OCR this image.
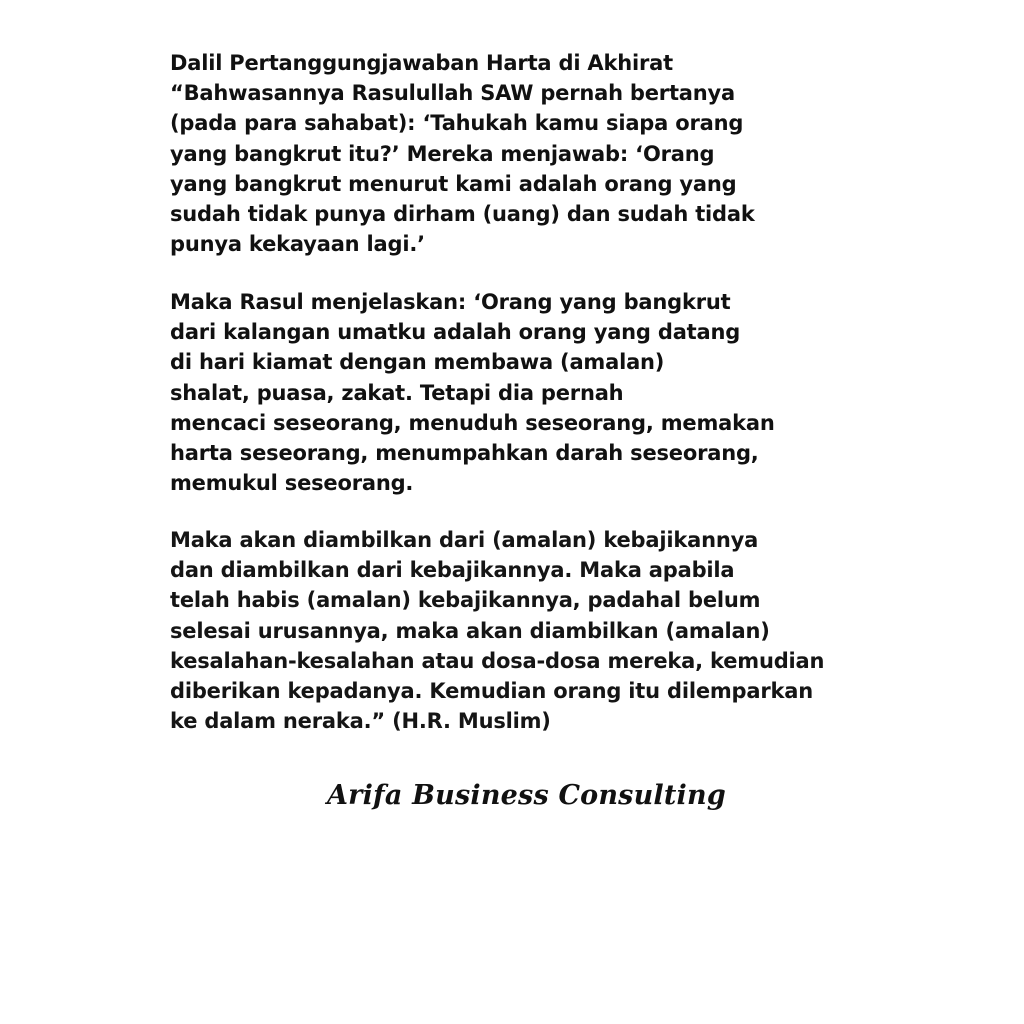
Dalil Pertanggungjawaban Harta di Akhirat
“Bahwasannya Rasulullah SAW pernah bertanya
(pada para sahabat): ‘Tahukah kamu siapa orang
yang bangkrut itu?’ Mereka menjawab: ‘Orang
yang bangkrut menurut kami adalah orang yang
sudah tidak punya dirham (uang) dan sudah tidak
punya kekayaan lagi.’
Maka Rasul menjelaskan: ‘Orang yang bangkrut
dari kalangan umatku adalah orang yang datang
di hari kiamat dengan membawa (amalan)
shalat, puasa, zakat. Tetapi dia pernah
mencaci seseorang, menuduh seseorang, memakan
harta seseorang, menumpahkan darah seseorang,
memukul seseorang.
Maka akan diambilkan dari (amalan) kebajikannya
dan diambilkan dari kebajikannya. Maka apabila
telah habis (amalan) kebajikannya, padahal belum
selesai urusannya, maka akan diambilkan (amalan)
kesalahan-kesalahan atau dosa-dosa mereka, kemudian
diberikan kepadanya. Kemudian orang itu dilemparkan
ke dalam neraka.” (H.R. Muslim)
Arifa Business Consulting
